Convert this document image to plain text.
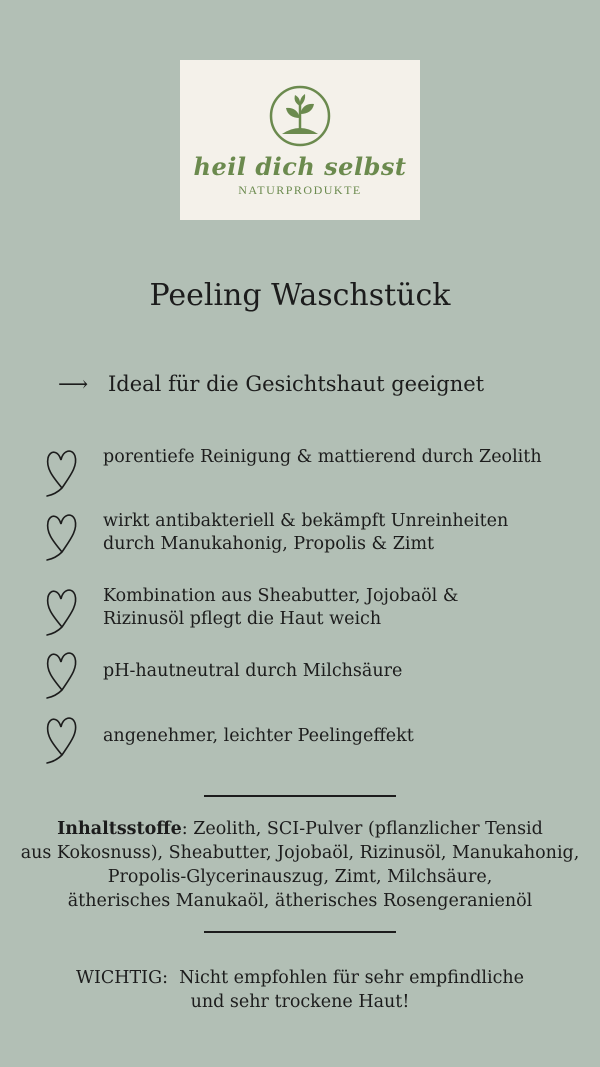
heil dich selbst
NATURPRODUKTE
Peeling Waschstück
⟶ Ideal für die Gesichtshaut geeignet
porentiefe Reinigung & mattierend durch Zeolith
wirkt antibakteriell & bekämpft Unreinheiten
durch Manukahonig, Propolis & Zimt
Kombination aus Sheabutter, Jojobaöl &
Rizinusöl pflegt die Haut weich
pH-hautneutral durch Milchsäure
angenehmer, leichter Peelingeffekt
Inhaltsstoffe: Zeolith, SCI-Pulver (pflanzlicher Tensid
aus Kokosnuss), Sheabutter, Jojobaöl, Rizinusöl, Manukahonig,
Propolis-Glycerinauszug, Zimt, Milchsäure,
ätherisches Manukaöl, ätherisches Rosengeranienöl
WICHTIG:  Nicht empfohlen für sehr empfindliche
und sehr trockene Haut!
